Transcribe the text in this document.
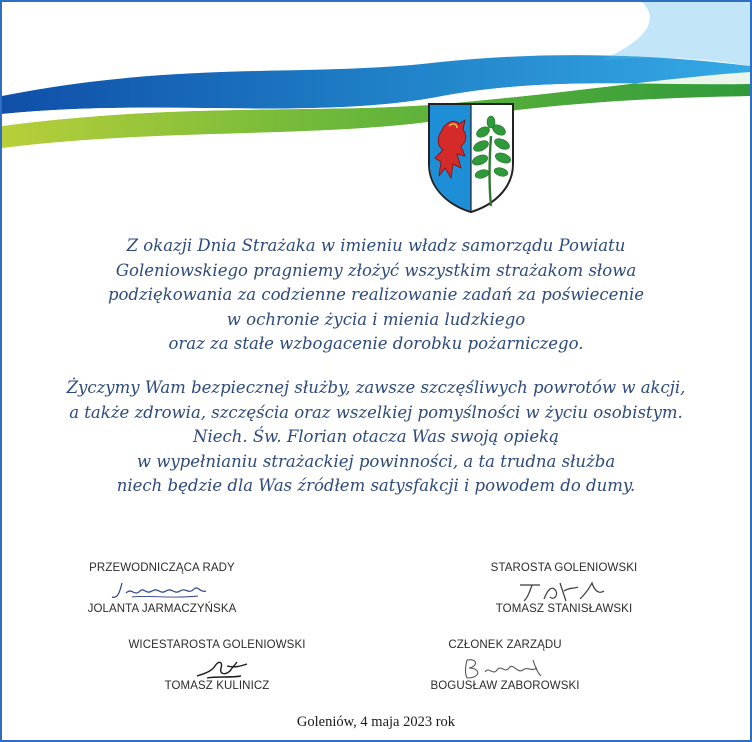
Z okazji Dnia Strażaka w imieniu władz samorządu Powiatu
Goleniowskiego pragniemy złożyć wszystkim strażakom słowa
podziękowania za codzienne realizowanie zadań za poświecenie
w ochronie życia i mienia ludzkiego
oraz za stałe wzbogacenie dorobku pożarniczego.
Życzymy Wam bezpiecznej służby, zawsze szczęśliwych powrotów w akcji,
a także zdrowia, szczęścia oraz wszelkiej pomyślności w życiu osobistym.
Niech. Św. Florian otacza Was swoją opieką
w wypełnianiu strażackiej powinności, a ta trudna służba
niech będzie dla Was źródłem satysfakcji i powodem do dumy.
PRZEWODNICZĄCA RADY
JOLANTA JARMACZYŃSKA
STAROSTA GOLENIOWSKI
TOMASZ STANISŁAWSKI
WICESTAROSTA GOLENIOWSKI
TOMASZ KULINICZ
CZŁONEK ZARZĄDU
BOGUSŁAW ZABOROWSKI
Goleniów, 4 maja 2023 rok
